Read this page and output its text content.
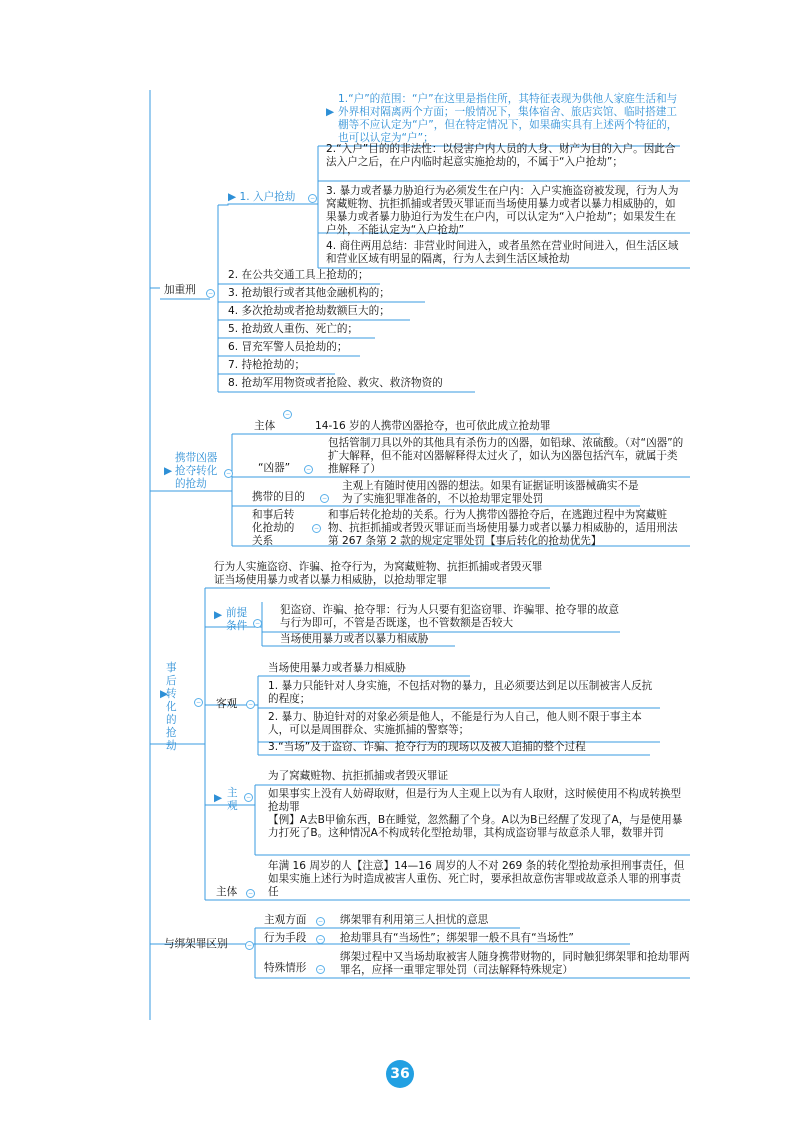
加重刑	−
▶ 1. 入户抢劫	−
▶
1.“户”的范围：“户”在这里是指住所，其特征表现为供他人家庭生活和与外界相对隔离两个方面；一般情况下，集体宿舍、旅店宾馆、临时搭建工棚等不应认定为“户”，但在特定情况下，如果确实具有上述两个特征的，也可以认定为“户”；
2.“入户”目的的非法性：以侵害户内人员的人身、财产为目的入户。因此合法入户之后，在户内临时起意实施抢劫的，不属于“入户抢劫”；
3. 暴力或者暴力胁迫行为必须发生在户内：入户实施盗窃被发现，行为人为窝藏赃物、抗拒抓捕或者毁灭罪证而当场使用暴力或者以暴力相威胁的，如果暴力或者暴力胁迫行为发生在户内，可以认定为“入户抢劫”；如果发生在户外，不能认定为“入户抢劫”
4. 商住两用总结：非营业时间进入，或者虽然在营业时间进入，但生活区域和营业区域有明显的隔离，行为人去到生活区域抢劫
2. 在公共交通工具上抢劫的；
3. 抢劫银行或者其他金融机构的；
4. 多次抢劫或者抢劫数额巨大的；
5. 抢劫致人重伤、死亡的；
6. 冒充军警人员抢劫的；
7. 持枪抢劫的；
8. 抢劫军用物资或者抢险、救灾、救济物资的
▶
携带凶器抢夺转化的抢劫
−
主体
−
14-16 岁的人携带凶器抢夺，也可依此成立抢劫罪
“凶器”	−
包括管制刀具以外的其他具有杀伤力的凶器，如铅球、浓硫酸。（对“凶器”的扩大解释，但不能对凶器解释得太过火了，如认为凶器包括汽车，就属于类推解释了）
携带的目的	−
主观上有随时使用凶器的想法。如果有证据证明该器械确实不是为了实施犯罪准备的，不以抢劫罪定罪处罚
和事后转化抢劫的关系
−
和事后转化抢劫的关系。行为人携带凶器抢夺后，在逃跑过程中为窝藏赃物、抗拒抓捕或者毁灭罪证而当场使用暴力或者以暴力相威胁的，适用刑法第 267 条第 2 款的规定定罪处罚【事后转化的抢劫优先】
事后转化的抢劫
▶
−
行为人实施盗窃、诈骗、抢夺行为，为窝藏赃物、抗拒抓捕或者毁灭罪证当场使用暴力或者以暴力相威胁，以抢劫罪定罪
▶ 前提条件	−
犯盗窃、诈骗、抢夺罪：行为人只要有犯盗窃罪、诈骗罪、抢夺罪的故意与行为即可，不管是否既遂，也不管数额是否较大
当场使用暴力或者以暴力相威胁
客观	−
当场使用暴力或者暴力相威胁
1. 暴力只能针对人身实施，不包括对物的暴力，且必须要达到足以压制被害人反抗的程度；
2. 暴力、胁迫针对的对象必须是他人，不能是行为人自己，他人则不限于事主本人，可以是周围群众、实施抓捕的警察等；
3.“当场”及于盗窃、诈骗、抢夺行为的现场以及被人追捕的整个过程
▶ 主观
−
为了窝藏赃物、抗拒抓捕或者毁灭罪证
如果事实上没有人妨碍取财，但是行为人主观上以为有人取财，这时候使用不构成转换型抢劫罪
【例】A去B甲偷东西，B在睡觉，忽然翻了个身。A以为B已经醒了发现了A，与是使用暴力打死了B。这种情况A不构成转化型抢劫罪，其构成盗窃罪与故意杀人罪，数罪并罚
主体	−
年满 16 周岁的人【注意】14—16 周岁的人不对 269 条的转化型抢劫承担刑事责任，但如果实施上述行为时造成被害人重伤、死亡时，要承担故意伤害罪或故意杀人罪的刑事责任
与绑架罪区别	−
主观方面	− 绑架罪有利用第三人担忧的意思
行为手段	− 抢劫罪具有“当场性”；绑架罪一般不具有“当场性”
特殊情形	−
绑架过程中又当场劫取被害人随身携带财物的，同时触犯绑架罪和抢劫罪两罪名，应择一重罪定罪处罚（司法解释特殊规定）
36
